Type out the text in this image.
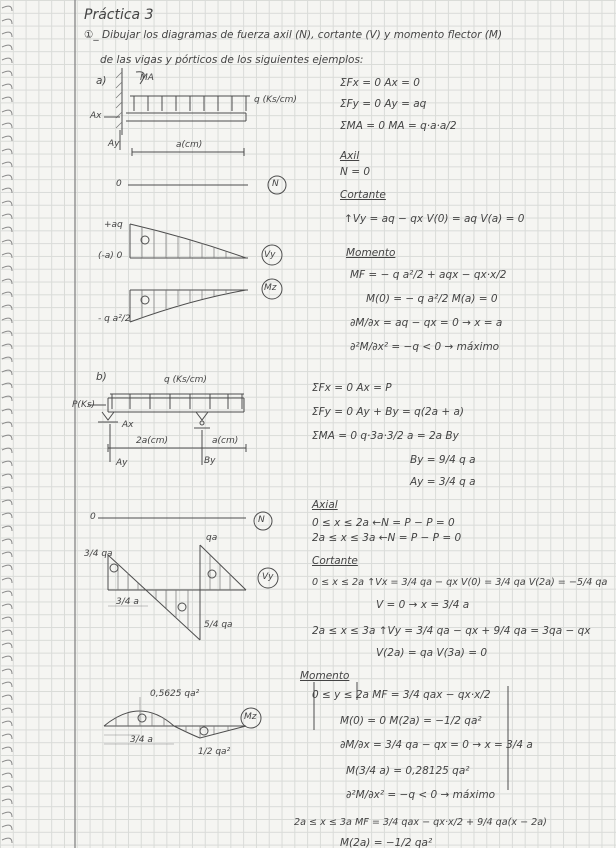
Práctica 3
①_ Dibujar los diagramas de fuerza axil (N), cortante (V) y momento flector (M)
de las vigas y pórticos de los siguientes ejemplos:
a)	MA
q (Ks/cm)
Ax
Ay	a(cm)
0	N
+aq
(-a) 0	Vy
Mz
- q a²/2
ΣFx = 0 Ax = 0
ΣFy = 0 Ay = aq
ΣMA = 0 MA = q·a·a/2
Axil
N = 0
Cortante
↑Vy = aq − qx V(0) = aq V(a) = 0
Momento
MF = − q a²/2 + aqx − qx·x/2
M(0) = − q a²/2 M(a) = 0
∂M/∂x = aq − qx = 0 → x = a
∂²M/∂x² = −q < 0 → máximo
b)	q (Ks/cm)
P(Ks)
Ax
2a(cm)	a(cm)
Ay	By
0	N
3/4 qa
qa
5/4 qa
3/4 a
Vy
0,5625 qa²
1/2 qa²
3/4 a
Mz
ΣFx = 0 Ax = P
ΣFy = 0 Ay + By = q(2a + a)
ΣMA = 0 q·3a·3/2 a = 2a By
By = 9/4 q a
Ay = 3/4 q a
Axial
0 ≤ x ≤ 2a ←N = P − P = 0
2a ≤ x ≤ 3a ←N = P − P = 0
Cortante
0 ≤ x ≤ 2a ↑Vx = 3/4 qa − qx V(0) = 3/4 qa V(2a) = −5/4 qa
V = 0 → x = 3/4 a
2a ≤ x ≤ 3a ↑Vy = 3/4 qa − qx + 9/4 qa = 3qa − qx
V(2a) = qa V(3a) = 0
Momento
0 ≤ y ≤ 2a MF = 3/4 qax − qx·x/2
M(0) = 0 M(2a) = −1/2 qa²
∂M/∂x = 3/4 qa − qx = 0 → x = 3/4 a
M(3/4 a) = 0,28125 qa²
∂²M/∂x² = −q < 0 → máximo
2a ≤ x ≤ 3a MF = 3/4 qax − qx·x/2 + 9/4 qa(x − 2a)
M(2a) = −1/2 qa²
